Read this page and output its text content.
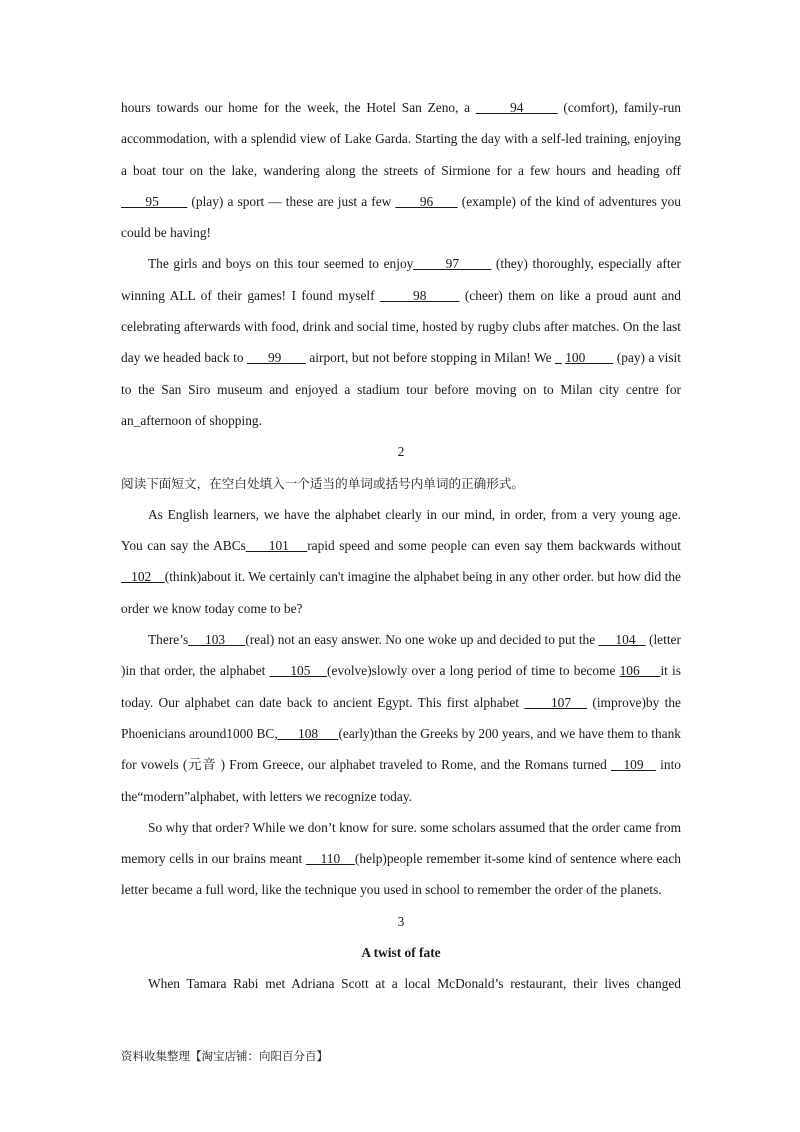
hours towards our home for the week, the Hotel San Zeno, a       94       (comfort), family-run accommodation, with a splendid view of Lake Garda. Starting the day with a self-led training, enjoying a boat tour on the lake, wandering along the streets of Sirmione for a few hours and heading off       95        (play) a sport — these are just a few       96       (example) of the kind of adventures you could be having!

The girls and boys on this tour seemed to enjoy       97        (they) thoroughly, especially after winning ALL of their games! I found myself       98       (cheer) them on like a proud aunt and celebrating afterwards with food, drink and social time, hosted by rugby clubs after matches. On the last day we headed back to       99        airport, but not before stopping in Milan! We _ 100         (pay) a visit to the San Siro museum and enjoyed a stadium tour before moving on to Milan city centre for an_afternoon of shopping.

2

阅读下面短文，在空白处填入一个适当的单词或括号内单词的正确形式。

As English learners, we have the alphabet clearly in our mind, in order, from a very young age. You can say the ABCs     101    rapid speed and some people can even say them backwards without    102    (think)about it. We certainly can't imagine the alphabet being in any other order. but how did the order we know today come to be?

There’s     103      (real) not an easy answer. No one woke up and decided to put the      104    (letter )in that order, the alphabet      105    (evolve)slowly over a long period of time to become 106     it is today. Our alphabet can date back to ancient Egypt. This first alphabet      107    (improve)by the Phoenicians around1000 BC,      108      (early)than the Greeks by 200 years, and we have them to thank for vowels (元音 ) From Greece, our alphabet traveled to Rome, and the Romans turned    109    into the“modern”alphabet, with letters we recognize today.

So why that order? While we don’t know for sure. some scholars assumed that the order came from memory cells in our brains meant     110    (help)people remember it-some kind of sentence where each letter became a full word, like the technique you used in school to remember the order of the planets.

3

A twist of fate

When Tamara Rabi met Adriana Scott at a local McDonald’s restaurant, their lives changed

资料收集整理【淘宝店铺：向阳百分百】
